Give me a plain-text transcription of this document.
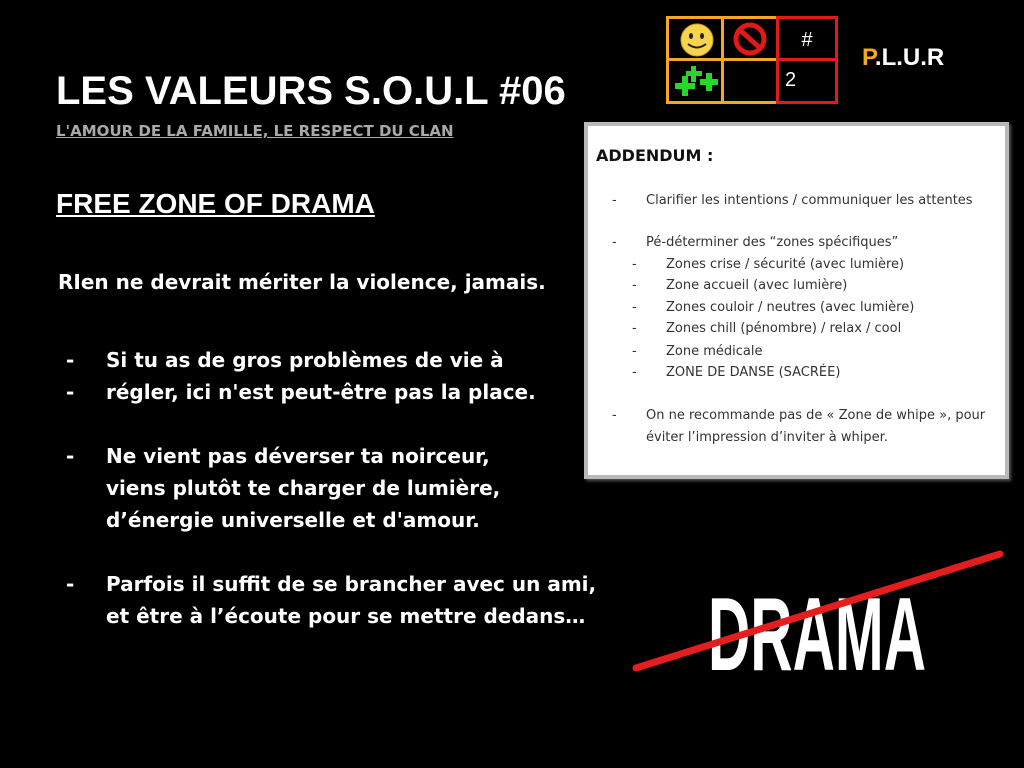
LES VALEURS S.O.U.L #06
L'AMOUR DE LA FAMILLE, LE RESPECT DU CLAN
FREE ZONE OF DRAMA
RIen ne devrait mériter la violence, jamais.
- Si tu as de gros problèmes de vie à
- régler, ici n'est peut-être pas la place.
- Ne vient pas déverser ta noirceur,
viens plutôt te charger de lumière,
d’énergie universelle et d'amour.
- Parfois il suffit de se brancher avec un ami,
et être à l’écoute pour se mettre dedans…
#
2
P.L.U.R
ADDENDUM :
- Clarifier les intentions / communiquer les attentes
- Pé-déterminer des “zones spécifiques”
- Zones crise / sécurité (avec lumière)
- Zone accueil (avec lumière)
- Zones couloir / neutres (avec lumière)
- Zones chill (pénombre) / relax / cool
- Zone médicale
- ZONE DE DANSE (SACRÉE)
- On ne recommande pas de « Zone de whipe », pour
éviter l’impression d’inviter à whiper.
DRAMA
